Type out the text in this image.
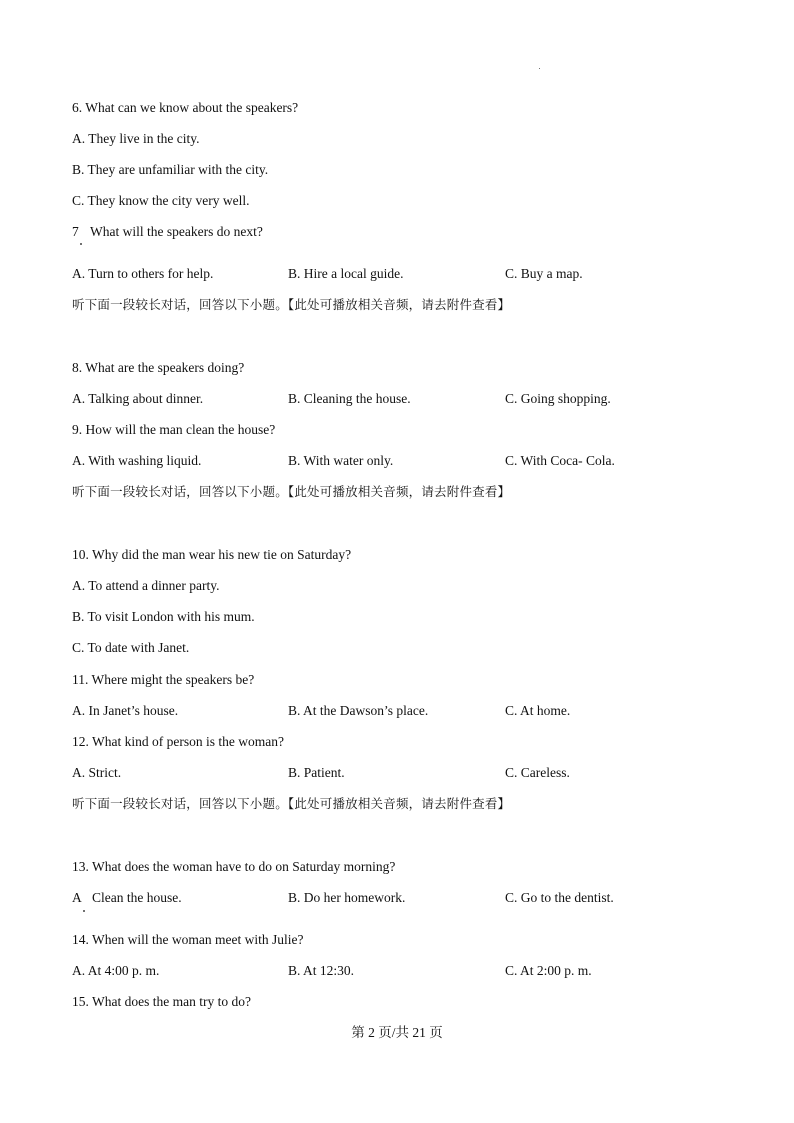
6. What can we know about the speakers?
A. They live in the city.
B. They are unfamiliar with the city.
C. They know the city very well.
7 What will the speakers do next?
A. Turn to others for help.	B. Hire a local guide.	C. Buy a map.
听下面一段较长对话，回答以下小题。【此处可播放相关音频，请去附件查看】
8. What are the speakers doing?
A. Talking about dinner.	B. Cleaning the house.	C. Going shopping.
9. How will the man clean the house?
A. With washing liquid.	B. With water only.	C. With Coca- Cola.
听下面一段较长对话，回答以下小题。【此处可播放相关音频，请去附件查看】
10. Why did the man wear his new tie on Saturday?
A. To attend a dinner party.
B. To visit London with his mum.
C. To date with Janet.
11. Where might the speakers be?
A. In Janet’s house.	B. At the Dawson’s place.	C. At home.
12. What kind of person is the woman?
A. Strict.	B. Patient.	C. Careless.
听下面一段较长对话，回答以下小题。【此处可播放相关音频，请去附件查看】
13. What does the woman have to do on Saturday morning?
A Clean the house.	B. Do her homework.	C. Go to the dentist.
14. When will the woman meet with Julie?
A. At 4:00 p. m.	B. At 12:30.	C. At 2:00 p. m.
15. What does the man try to do?
第 2 页/共 21 页
